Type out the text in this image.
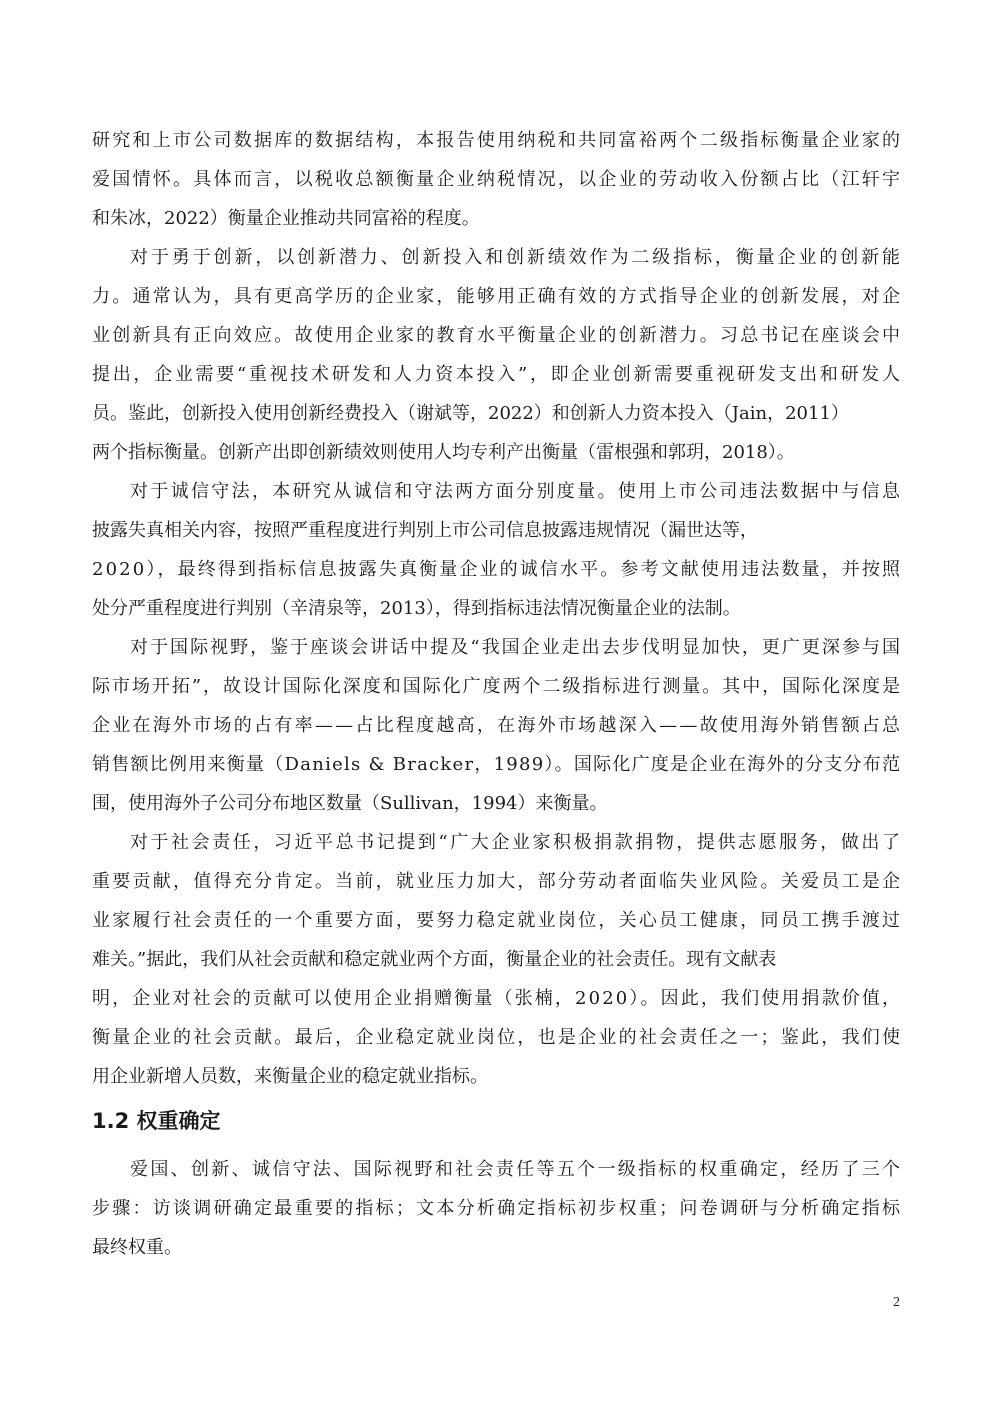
研究和上市公司数据库的数据结构，本报告使用纳税和共同富裕两个二级指标衡量企业家的
爱国情怀。具体而言，以税收总额衡量企业纳税情况，以企业的劳动收入份额占比（江轩宇
和朱冰，2022）衡量企业推动共同富裕的程度。
对于勇于创新，以创新潜力、创新投入和创新绩效作为二级指标，衡量企业的创新能
力。通常认为，具有更高学历的企业家，能够用正确有效的方式指导企业的创新发展，对企
业创新具有正向效应。故使用企业家的教育水平衡量企业的创新潜力。习总书记在座谈会中
提出，企业需要“重视技术研发和人力资本投入”，即企业创新需要重视研发支出和研发人
员。鉴此，创新投入使用创新经费投入（谢斌等，2022）和创新人力资本投入（Jain，2011）
两个指标衡量。创新产出即创新绩效则使用人均专利产出衡量（雷根强和郭玥，2018）。
对于诚信守法，本研究从诚信和守法两方面分别度量。使用上市公司违法数据中与信息
披露失真相关内容，按照严重程度进行判别上市公司信息披露违规情况（漏世达等，
2020），最终得到指标信息披露失真衡量企业的诚信水平。参考文献使用违法数量，并按照
处分严重程度进行判别（辛清泉等，2013），得到指标违法情况衡量企业的法制。
对于国际视野，鉴于座谈会讲话中提及“我国企业走出去步伐明显加快，更广更深参与国
际市场开拓”，故设计国际化深度和国际化广度两个二级指标进行测量。其中，国际化深度是
企业在海外市场的占有率——占比程度越高，在海外市场越深入——故使用海外销售额占总
销售额比例用来衡量（Daniels & Bracker，1989）。国际化广度是企业在海外的分支分布范
围，使用海外子公司分布地区数量（Sullivan，1994）来衡量。
对于社会责任，习近平总书记提到“广大企业家积极捐款捐物，提供志愿服务，做出了
重要贡献，值得充分肯定。当前，就业压力加大，部分劳动者面临失业风险。关爱员工是企
业家履行社会责任的一个重要方面，要努力稳定就业岗位，关心员工健康，同员工携手渡过
难关。”据此，我们从社会贡献和稳定就业两个方面，衡量企业的社会责任。现有文献表
明，企业对社会的贡献可以使用企业捐赠衡量（张楠，2020）。因此，我们使用捐款价值，
衡量企业的社会贡献。最后，企业稳定就业岗位，也是企业的社会责任之一；鉴此，我们使
用企业新增人员数，来衡量企业的稳定就业指标。
1.2 权重确定
爱国、创新、诚信守法、国际视野和社会责任等五个一级指标的权重确定，经历了三个
步骤：访谈调研确定最重要的指标；文本分析确定指标初步权重；问卷调研与分析确定指标
最终权重。
2
